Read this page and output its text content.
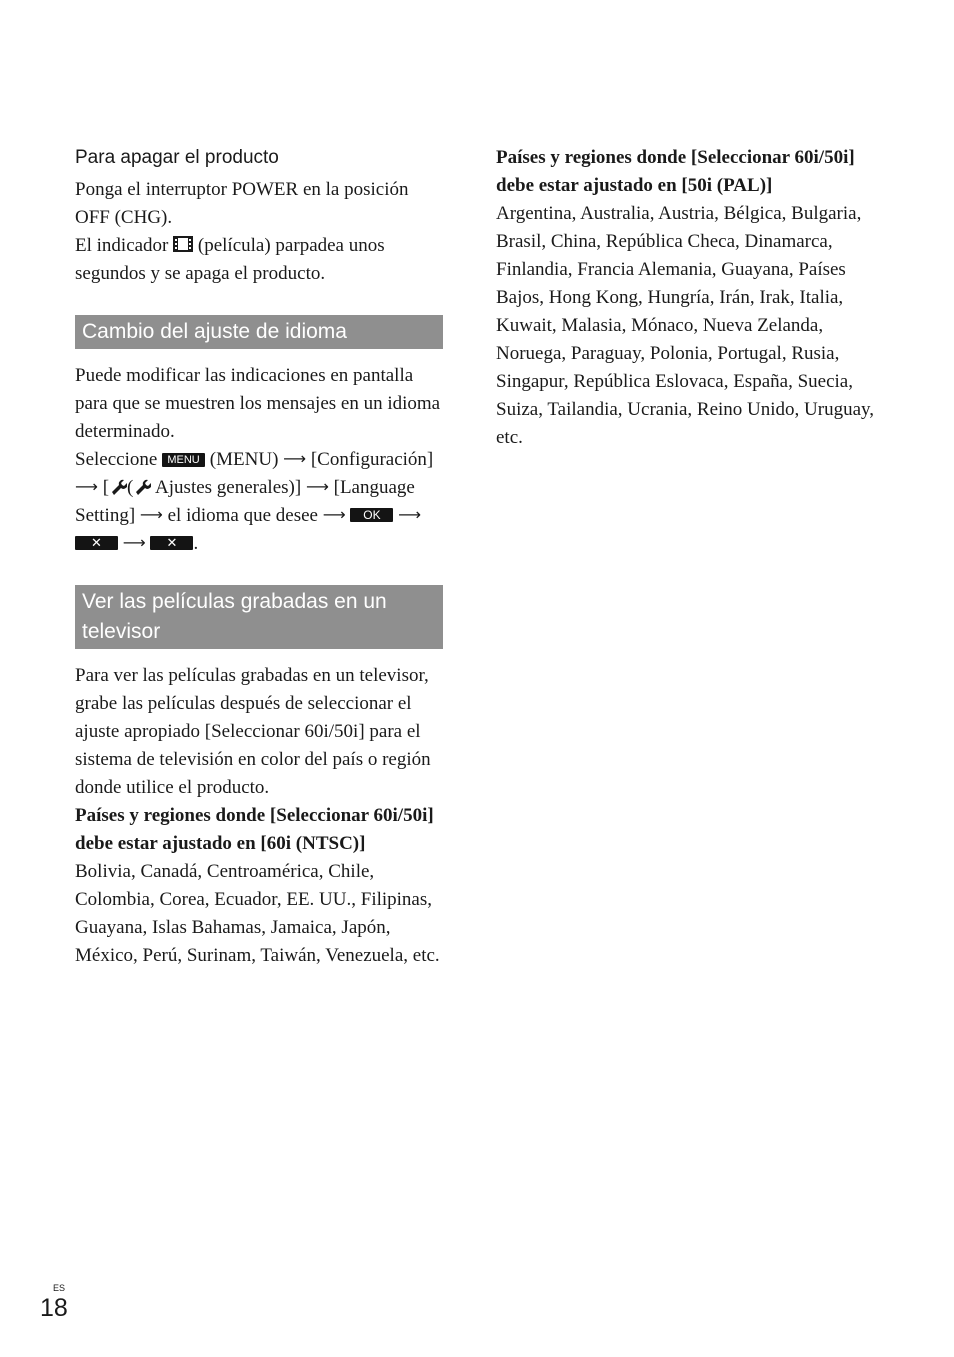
Para apagar el producto

Ponga el interruptor POWER en la posición OFF (CHG).

El indicador (película) parpadea unos segundos y se apaga el producto.

Cambio del ajuste de idioma

Puede modificar las indicaciones en pantalla para que se muestren los mensajes en un idioma determinado.

Seleccione MENU (MENU) ⟶ [Configuración] ⟶ [ ( Ajustes generales)] ⟶ [Language Setting] ⟶ el idioma que desee ⟶ OK ⟶ ✕ ⟶ ✕ .

Ver las películas grabadas en un televisor

Para ver las películas grabadas en un televisor, grabe las películas después de seleccionar el ajuste apropiado [Seleccionar 60i/50i] para el sistema de televisión en color del país o región donde utilice el producto.

Países y regiones donde [Seleccionar 60i/50i] debe estar ajustado en [60i (NTSC)]

Bolivia, Canadá, Centroamérica, Chile, Colombia, Corea, Ecuador, EE. UU., Filipinas, Guayana, Islas Bahamas, Jamaica, Japón, México, Perú, Surinam, Taiwán, Venezuela, etc.

Países y regiones donde [Seleccionar 60i/50i] debe estar ajustado en [50i (PAL)]

Argentina, Australia, Austria, Bélgica, Bulgaria, Brasil, China, República Checa, Dinamarca, Finlandia, Francia Alemania, Guayana, Países Bajos, Hong Kong, Hungría, Irán, Irak, Italia, Kuwait, Malasia, Mónaco, Nueva Zelanda, Noruega, Paraguay, Polonia, Portugal, Rusia, Singapur, República Eslovaca, España, Suecia, Suiza, Tailandia, Ucrania, Reino Unido, Uruguay, etc.

ES
18
